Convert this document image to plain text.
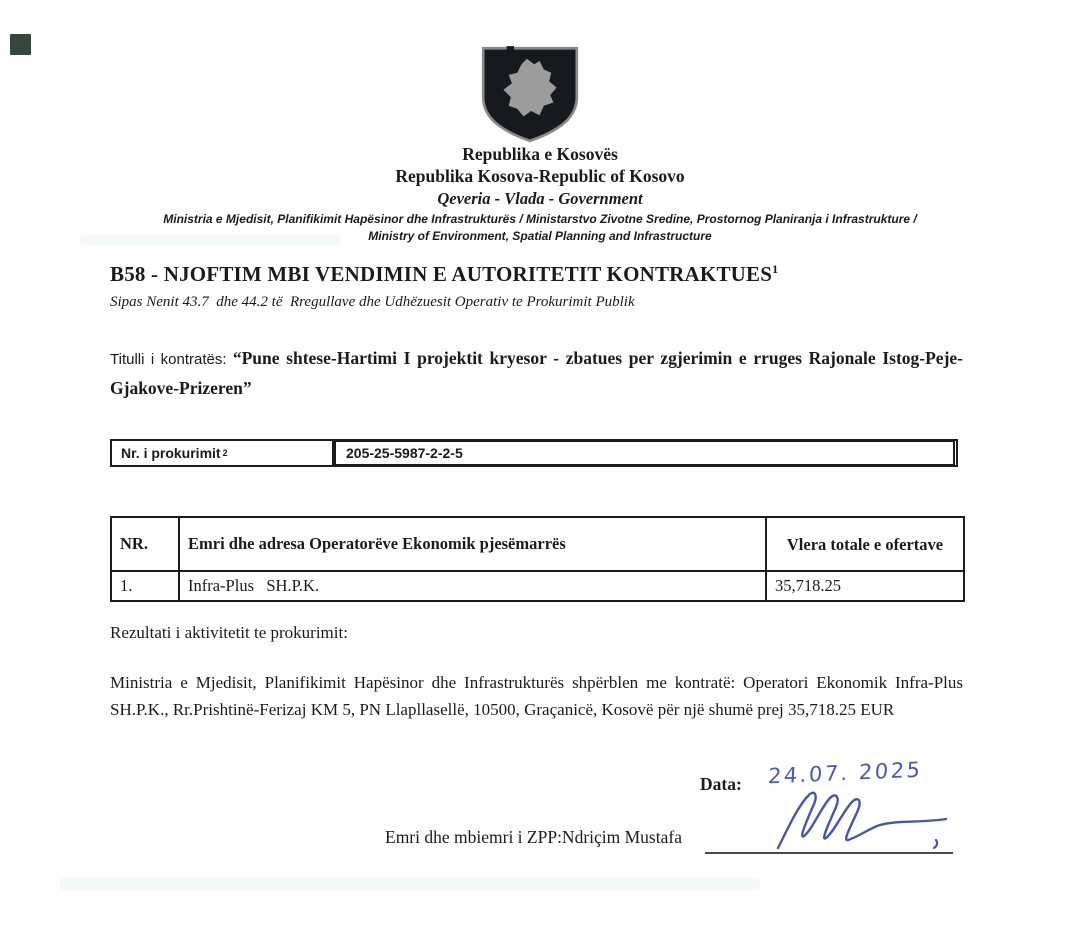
Republika e Kosovës
Republika Kosova-Republic of Kosovo
Qeveria - Vlada - Government
Ministria e Mjedisit, Planifikimit Hapësinor dhe Infrastrukturës / Ministarstvo Zivotne Sredine, Prostornog Planiranja i Infrastrukture /
Ministry of Environment, Spatial Planning and Infrastructure
B58 - NJOFTIM MBI VENDIMIN E AUTORITETIT KONTRAKTUES$^1$
Sipas Nenit 43.7  dhe 44.2 të  Rregullave dhe Udhëzuesit Operativ te Prokurimit Publik

Titulli i kontratës: “Pune shtese-Hartimi I projektit kryesor - zbatues per zgjerimin e rruges Rajonale Istog-Peje-Gjakove-Prizeren”

Nr. i prokurimit 2	205-25-5987-2-2-5
NR.	Emri dhe adresa Operatorëve Ekonomik pjesëmarrës	Vlera totale e ofertave
1.	Infra-Plus   SH.P.K.	35,718.25
Rezultati i aktivitetit te prokurimit:

Ministria e Mjedisit, Planifikimit Hapësinor dhe Infrastrukturës shpërblen me kontratë: Operatori Ekonomik Infra-Plus SH.P.K., Rr.Prishtinë-Ferizaj KM 5, PN Llapllasellë, 10500, Graçanicë, Kosovë për një shumë prej 35,718.25 EUR

Data: 24.07. 2025
Emri dhe mbiemri i ZPP:Ndriçim Mustafa
